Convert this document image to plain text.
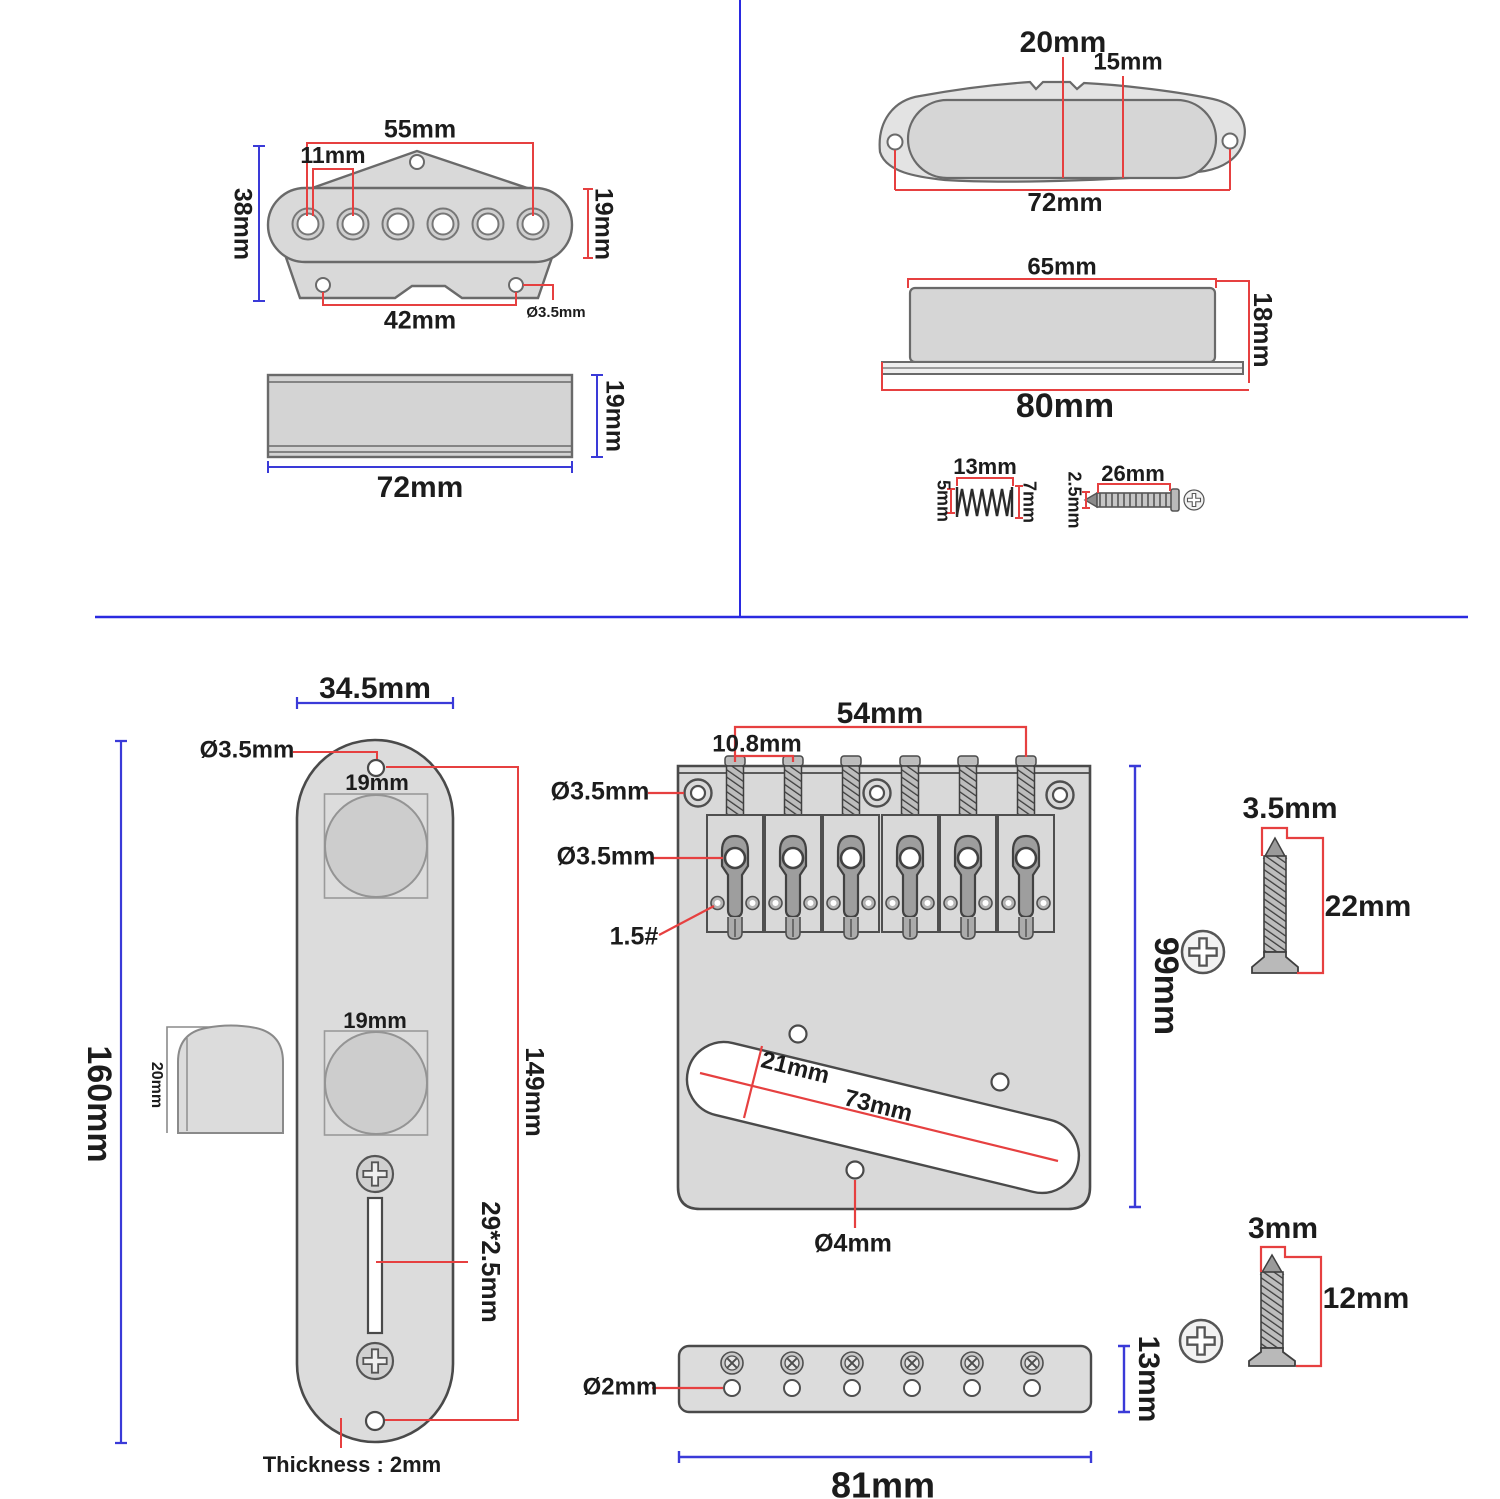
55mm
11mm
38mm	19mm
42mm	Ø3.5mm
72mm
19mm
20mm
15mm
72mm
65mm
18mm
80mm
13mm
5mm	7mm
26mm
2.5mm
34.5mm
Ø3.5mm
19mm
19mm
160mm	149mm
29*2.5mm
20mm
Thickness : 2mm
54mm
10.8mm
Ø3.5mm
Ø3.5mm
1.5#
99mm
21mm
73mm
Ø4mm
Ø2mm	13mm
81mm
3.5mm
22mm
3mm
12mm
